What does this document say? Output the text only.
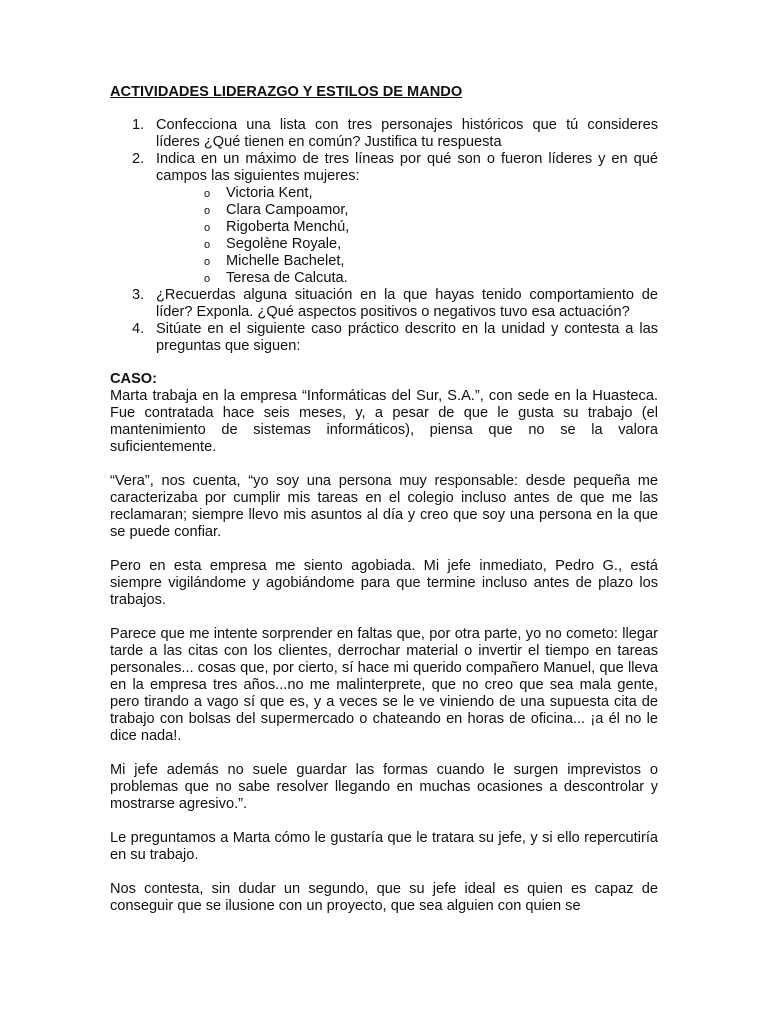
ACTIVIDADES LIDERAZGO Y ESTILOS DE MANDO
1. Confecciona una lista con tres personajes históricos que tú consideres líderes ¿Qué tienen en común? Justifica tu respuesta
2. Indica en un máximo de tres líneas por qué son o fueron líderes y en qué campos las siguientes mujeres:
o Victoria Kent,
o Clara Campoamor,
o Rigoberta Menchú,
o Segolène Royale,
o Michelle Bachelet,
o Teresa de Calcuta.
3. ¿Recuerdas alguna situación en la que hayas tenido comportamiento de líder? Exponla. ¿Qué aspectos positivos o negativos tuvo esa actuación?
4. Sitúate en el siguiente caso práctico descrito en la unidad y contesta a las preguntas que siguen:
CASO:

Marta trabaja en la empresa “Informáticas del Sur, S.A.”, con sede en la Huasteca. Fue contratada hace seis meses, y, a pesar de que le gusta su trabajo (el mantenimiento de sistemas informáticos), piensa que no se la valora suficientemente.

“Vera”, nos cuenta, “yo soy una persona muy responsable: desde pequeña me caracterizaba por cumplir mis tareas en el colegio incluso antes de que me las reclamaran; siempre llevo mis asuntos al día y creo que soy una persona en la que se puede confiar.

Pero en esta empresa me siento agobiada. Mi jefe inmediato, Pedro G., está siempre vigilándome y agobiándome para que termine incluso antes de plazo los trabajos.

Parece que me intente sorprender en faltas que, por otra parte, yo no cometo: llegar tarde a las citas con los clientes, derrochar material o invertir el tiempo en tareas personales... cosas que, por cierto, sí hace mi querido compañero Manuel, que lleva en la empresa tres años...no me malinterprete, que no creo que sea mala gente, pero tirando a vago sí que es, y a veces se le ve viniendo de una supuesta cita de trabajo con bolsas del supermercado o chateando en horas de oficina... ¡a él no le dice nada!.

Mi jefe además no suele guardar las formas cuando le surgen imprevistos o problemas que no sabe resolver llegando en muchas ocasiones a descontrolar y mostrarse agresivo.”.

Le preguntamos a Marta cómo le gustaría que le tratara su jefe, y si ello repercutiría en su trabajo.

Nos contesta, sin dudar un segundo, que su jefe ideal es quien es capaz de conseguir que se ilusione con un proyecto, que sea alguien con quien se
